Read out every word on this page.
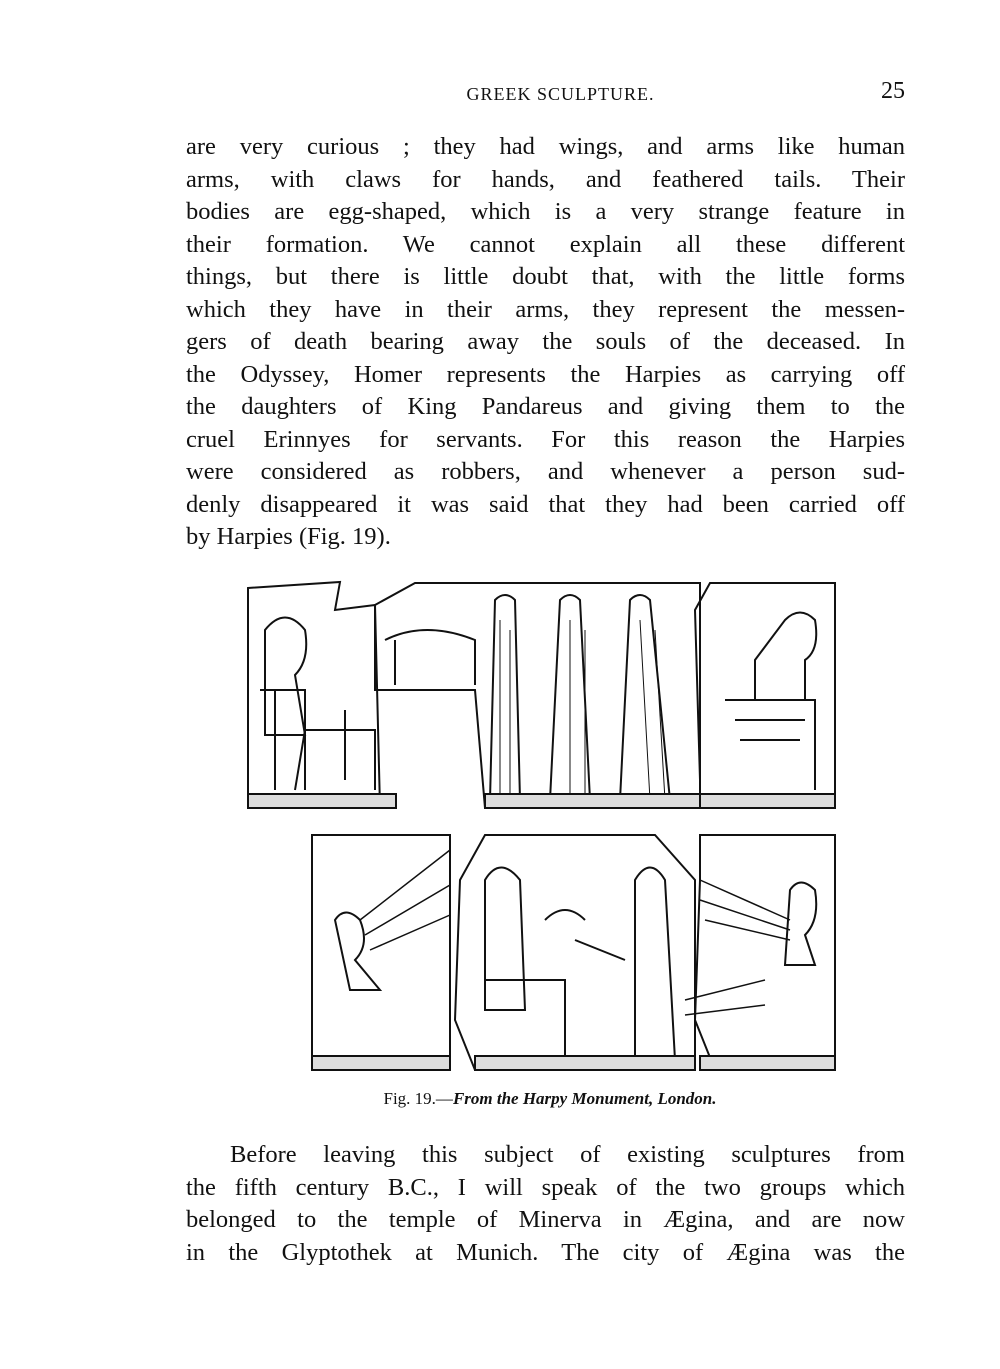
GREEK SCULPTURE.	25
are very curious ; they had wings, and arms like human
arms, with claws for hands, and feathered tails. Their
bodies are egg-shaped, which is a very strange feature in
their formation. We cannot explain all these different
things, but there is little doubt that, with the little forms
which they have in their arms, they represent the messen-
gers of death bearing away the souls of the deceased. In
the Odyssey, Homer represents the Harpies as carrying off
the daughters of King Pandareus and giving them to the
cruel Erinnyes for servants. For this reason the Harpies
were considered as robbers, and whenever a person sud-
denly disappeared it was said that they had been carried off
by Harpies (Fig. 19).
Fig. 19.—From the Harpy Monument, London.
Before leaving this subject of existing sculptures from
the fifth century B.C., I will speak of the two groups which
belonged to the temple of Minerva in Ægina, and are now
in the Glyptothek at Munich. The city of Ægina was the
